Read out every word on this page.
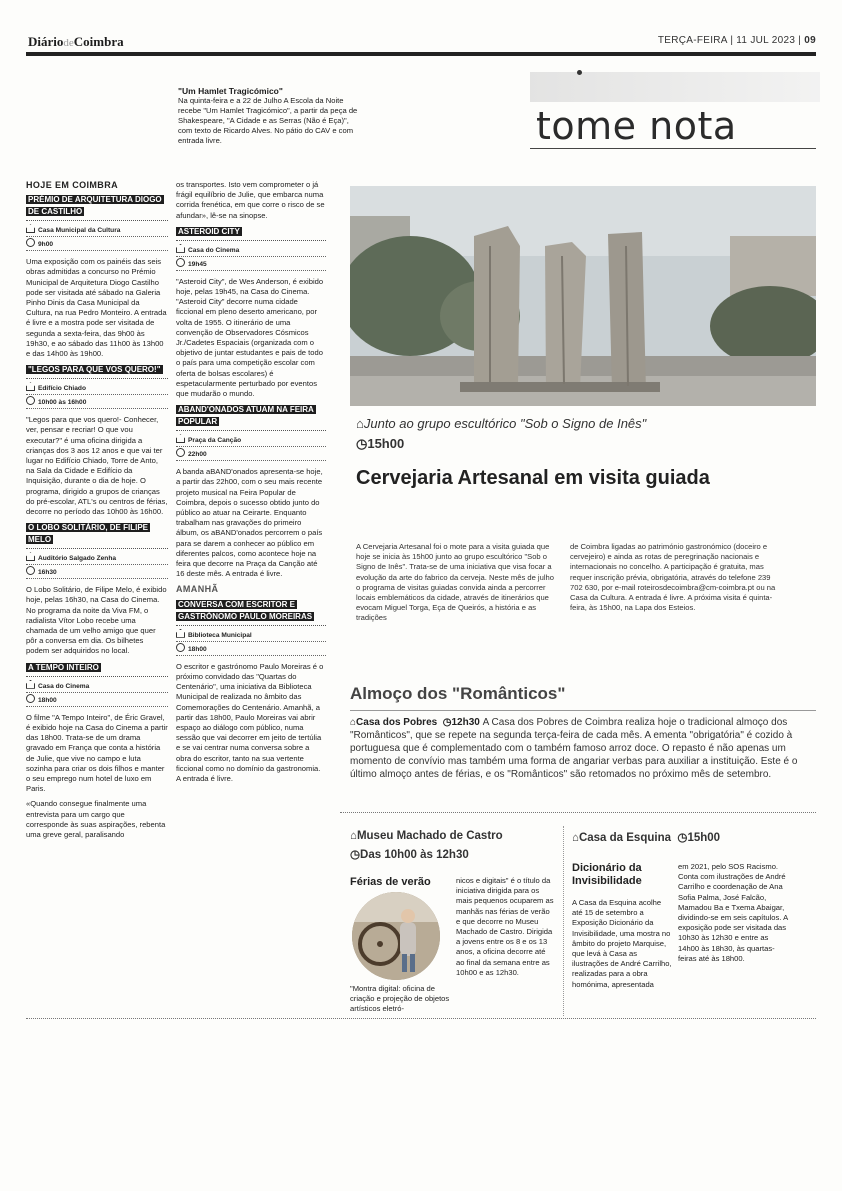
DiáriodeCoimbra	TERÇA-FEIRA | 11 JUL 2023 | 09
"Um Hamlet Tragicómico"
Na quinta-feira e a 22 de Julho A Escola da Noite recebe "Um Hamlet Tragicómico", a partir da peça de Shakespeare, "A Cidade e as Serras (Não é Eça)", com texto de Ricardo Alves. No pátio do CAV e com entrada livre.	tome nota
HOJE EM COIMBRA
PRÉMIO DE ARQUITETURA DIOGO DE CASTILHO
Casa Municipal da Cultura
9h00

Uma exposição com os painéis das seis obras admitidas a concurso no Prémio Municipal de Arquitetura Diogo Castilho pode ser visitada até sábado na Galeria Pinho Dinis da Casa Municipal da Cultura, na rua Pedro Monteiro. A entrada é livre e a mostra pode ser visitada de segunda a sexta-feira, das 9h00 às 19h30, e ao sábado das 11h00 às 13h00 e das 14h00 às 19h00.

"LEGOS PARA QUE VOS QUERO!"
Edifício Chiado
10h00 às 16h00

"Legos para que vos quero!- Conhecer, ver, pensar e recriar! O que vou executar?" é uma oficina dirigida a crianças dos 3 aos 12 anos e que vai ter lugar no Edifício Chiado, Torre de Anto, na Sala da Cidade e Edifício da Inquisição, durante o dia de hoje. O programa, dirigido a grupos de crianças do pré-escolar, ATL's ou centros de férias, decorre no período das 10h00 às 16h00.

O LOBO SOLITÁRIO, DE FILIPE MELO
Auditório Salgado Zenha
16h30

O Lobo Solitário, de Filipe Melo, é exibido hoje, pelas 16h30, na Casa do Cinema. No programa da noite da Viva FM, o radialista Vítor Lobo recebe uma chamada de um velho amigo que quer pôr a conversa em dia. Os bilhetes podem ser adquiridos no local.

A TEMPO INTEIRO
Casa do Cinema
18h00

O filme "A Tempo Inteiro", de Éric Gravel, é exibido hoje na Casa do Cinema a partir das 18h00. Trata-se de um drama gravado em França que conta a história de Julie, que vive no campo e luta sozinha para criar os dois filhos e manter o seu emprego num hotel de luxo em Paris.

«Quando consegue finalmente uma entrevista para um cargo que corresponde às suas aspirações, rebenta uma greve geral, paralisando

os transportes. Isto vem comprometer o já frágil equilíbrio de Julie, que embarca numa corrida frenética, em que corre o risco de se afundar», lê-se na sinopse.

ASTEROID CITY
Casa do Cinema
19h45

"Asteroid City", de Wes Anderson, é exibido hoje, pelas 19h45, na Casa do Cinema. "Asteroid City" decorre numa cidade ficcional em pleno deserto americano, por volta de 1955. O itinerário de uma convenção de Observadores Cósmicos Jr./Cadetes Espaciais (organizada com o objetivo de juntar estudantes e pais de todo o país para uma competição escolar com oferta de bolsas escolares) é espetacularmente perturbado por eventos que mudarão o mundo.

ABAND'ONADOS ATUAM NA FEIRA POPULAR
Praça da Canção
22h00

A banda aBAND'onados apresenta-se hoje, a partir das 22h00, com o seu mais recente projeto musical na Feira Popular de Coimbra, depois o sucesso obtido junto do público ao atuar na Ceirarte. Enquanto trabalham nas gravações do primeiro álbum, os aBAND'onados percorrem o país para se darem a conhecer ao público em diferentes palcos, como acontece hoje na feira que decorre na Praça da Canção até 16 deste mês. A entrada é livre.

AMANHÃ
CONVERSA COM ESCRITOR E GASTRÓNOMO PAULO MOREIRAS
Biblioteca Municipal
18h00

O escritor e gastrónomo Paulo Moreiras é o próximo convidado das "Quartas do Centenário", uma iniciativa da Biblioteca Municipal de realizada no âmbito das Comemorações do Centenário. Amanhã, a partir das 18h00, Paulo Moreiras vai abrir espaço ao diálogo com público, numa sessão que vai decorrer em jeito de tertúlia e se vai centrar numa conversa sobre a obra do escritor, tanto na sua vertente ficcional como no domínio da gastronomia. A entrada é livre.

⌂Junto ao grupo escultórico "Sob o Signo de Inês"
◷15h00
Cervejaria Artesanal em visita guiada
A Cervejaria Artesanal foi o mote para a visita guiada que hoje se inicia às 15h00 junto ao grupo escultórico "Sob o Signo de Inês". Trata-se de uma iniciativa que visa focar a evolução da arte do fabrico da cerveja. Neste mês de julho o programa de visitas guiadas convida ainda a percorrer locais emblemáticos da cidade, através de itinerários que evocam Miguel Torga, Eça de Queirós, a história e as tradições
de Coimbra ligadas ao património gastronómico (doceiro e cervejeiro) e ainda as rotas de peregrinação nacionais e internacionais no concelho. A participação é gratuita, mas requer inscrição prévia, obrigatória, através do telefone 239 702 630, por e-mail roteirosdecoimbra@cm-coimbra.pt ou na Casa da Cultura. A entrada é livre. A próxima visita é quinta-feira, às 15h00, na Lapa dos Esteios.
Almoço dos "Românticos"
⌂Casa dos Pobres ◷12h30 A Casa dos Pobres de Coimbra realiza hoje o tradicional almoço dos "Românticos", que se repete na segunda terça-feira de cada mês. A ementa "obrigatória" é cozido à portuguesa que é complementado com o também famoso arroz doce. O repasto é não apenas um momento de convívio mas também uma forma de angariar verbas para auxiliar a instituição. Este é o último almoço antes de férias, e os "Românticos" são retomados no próximo mês de setembro.
⌂Museu Machado de Castro
◷Das 10h00 às 12h30
Férias de verão
"Montra digital: oficina de criação e projeção de objetos artísticos eletró-
nicos e digitais" é o título da iniciativa dirigida para os mais pequenos ocuparem as manhãs nas férias de verão e que decorre no Museu Machado de Castro. Dirigida a jovens entre os 8 e os 13 anos, a oficina decorre até ao final da semana entre as 10h00 e as 12h30.
⌂Casa da Esquina ◷15h00
Dicionário da Invisibilidade
A Casa da Esquina acolhe até 15 de setembro a Exposição Dicionário da Invisibilidade, uma mostra no âmbito do projeto Marquise, que levá à Casa as ilustrações de André Carrilho, realizadas para a obra homónima, apresentada
em 2021, pelo SOS Racismo. Conta com ilustrações de André Carrilho e coordenação de Ana Sofia Palma, José Falcão, Mamadou Ba e Txema Abaigar, dividindo-se em seis capítulos. A exposição pode ser visitada das 10h30 às 12h30 e entre as 14h00 às 18h30, às quartas-feiras até às 18h00.
